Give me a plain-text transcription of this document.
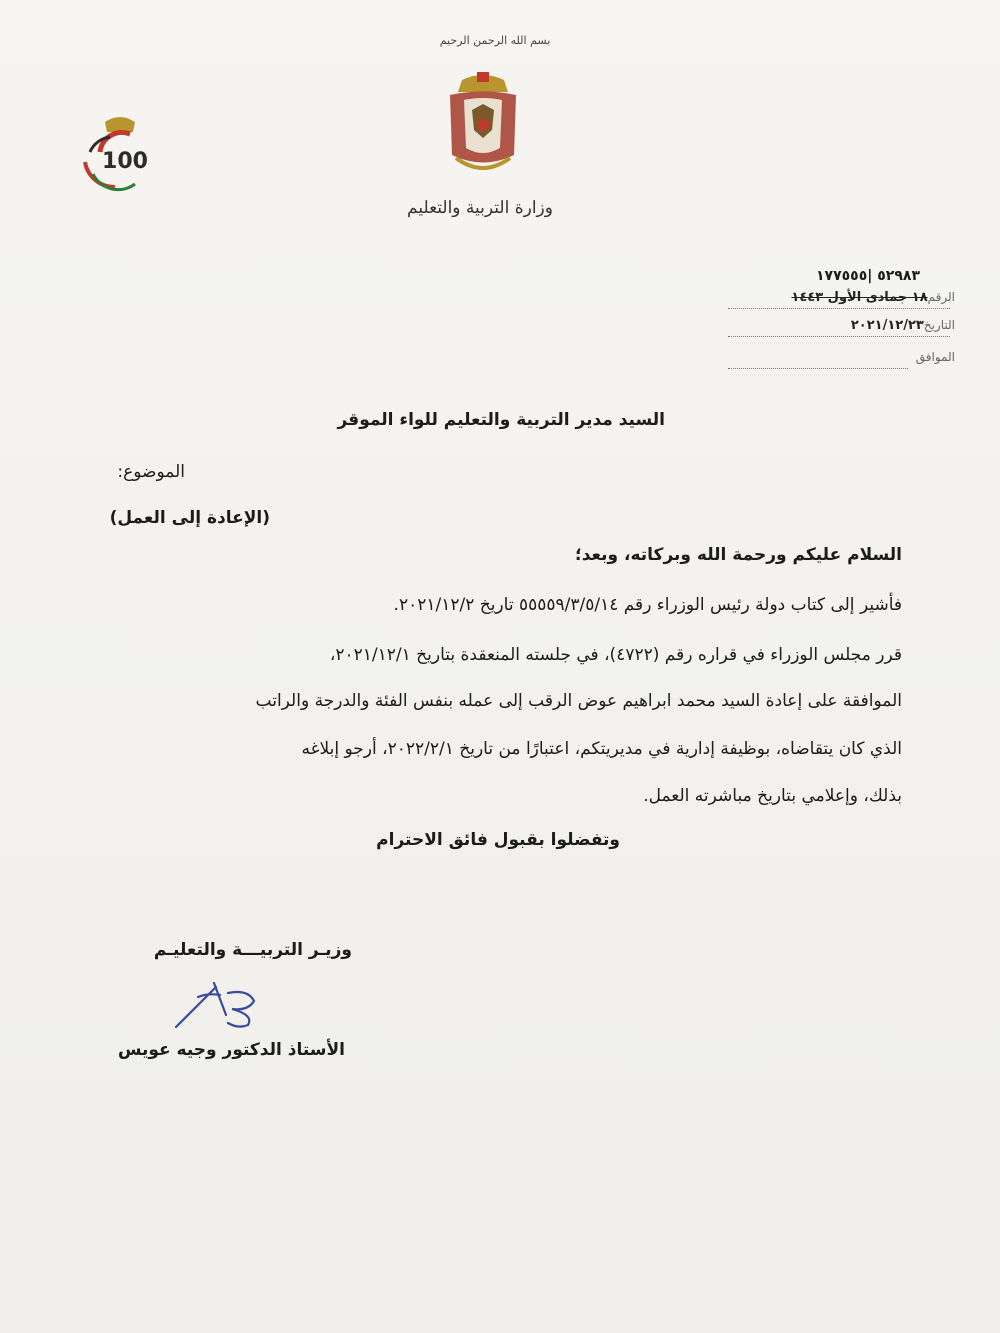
بسم الله الرحمن الرحيم
وزارة التربية والتعليم
100
٥٢٩٨٣ |١٧٧٥٥٥
الرقم١٨ جمادى الأول ١٤٤٣
التاريخ٢٠٢١/١٢/٢٣
الموافق
السيد مدير التربية والتعليم للواء الموقر
الموضوع:
(الإعادة إلى العمل)
السلام عليكم ورحمة الله وبركاته، وبعد؛
فأشير إلى كتاب دولة رئيس الوزراء رقم ٥٥٥٥٩/٣/٥/١٤ تاريخ ٢٠٢١/١٢/٢.
قرر مجلس الوزراء في قراره رقم (٤٧٢٢)، في جلسته المنعقدة بتاريخ ٢٠٢١/١٢/١،
الموافقة على إعادة السيد محمد ابراهيم عوض الرقب إلى عمله بنفس الفئة والدرجة والراتب
الذي كان يتقاضاه، بوظيفة إدارية في مديريتكم، اعتبارًا من تاريخ ٢٠٢٢/٢/١، أرجو إبلاغه
بذلك، وإعلامي بتاريخ مباشرته العمل.
وتفضلوا بقبول فائق الاحترام
وزيـر التربيـــة والتعليـم
الأستاذ الدكتور وجيه عويس
